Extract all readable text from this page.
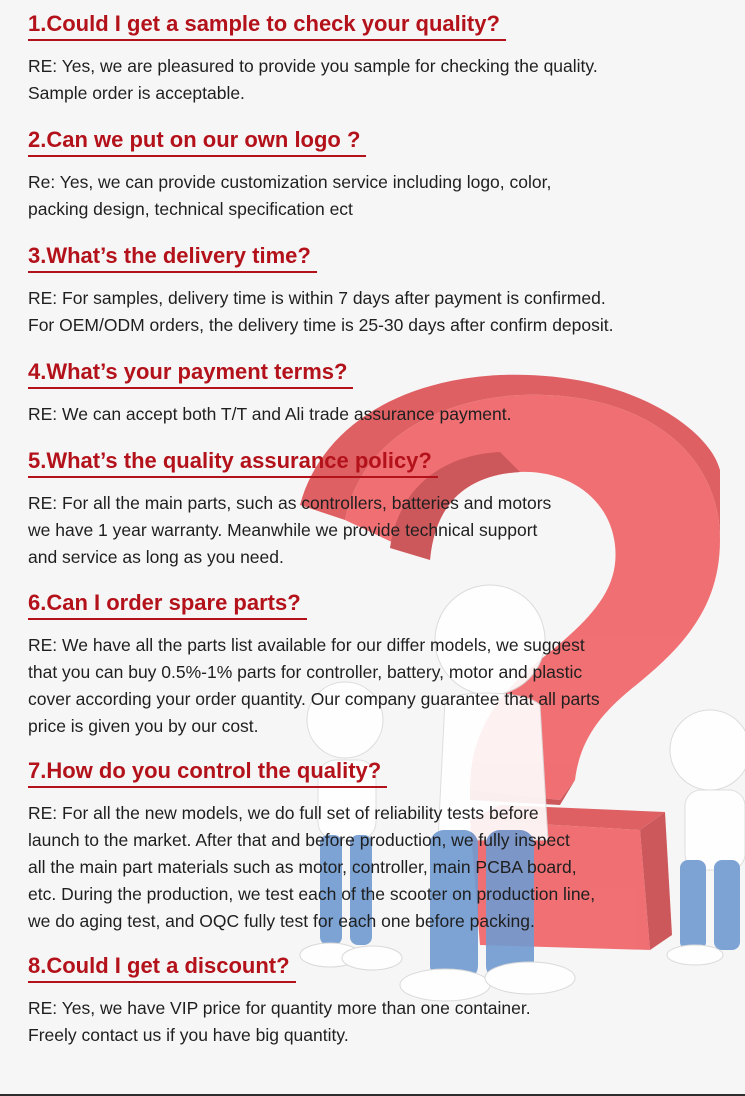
1.Could I get a sample to check your quality?

RE: Yes, we are pleasured to provide you sample for checking the quality.
Sample order is acceptable.

2.Can we put on our own logo ?

Re: Yes, we can provide customization service including logo, color,
packing design, technical specification ect

3.What’s the delivery time?

RE: For samples, delivery time is within 7 days after payment is confirmed.
For OEM/ODM orders, the delivery time is 25-30 days after confirm deposit.

4.What’s your payment terms?

RE: We can accept both T/T and Ali trade assurance payment.

5.What’s the quality assurance policy?

RE: For all the main parts, such as controllers, batteries and motors
we have 1 year warranty. Meanwhile we provide technical support
and service as long as you need.

6.Can I order spare parts?

RE: We have all the parts list available for our differ models, we suggest
that you can buy 0.5%-1% parts for controller, battery, motor and plastic
cover according your order quantity. Our company guarantee that all parts
price is given you by our cost.

7.How do you control the quality?

RE: For all the new models, we do full set of reliability tests before
launch to the market. After that and before production, we fully inspect
all the main part materials such as motor, controller, main PCBA board,
etc. During the production, we test each of the scooter on production line,
we do aging test, and OQC fully test for each one before packing.

8.Could I get a discount?

RE: Yes, we have VIP price for quantity more than one container.
Freely contact us if you have big quantity.
